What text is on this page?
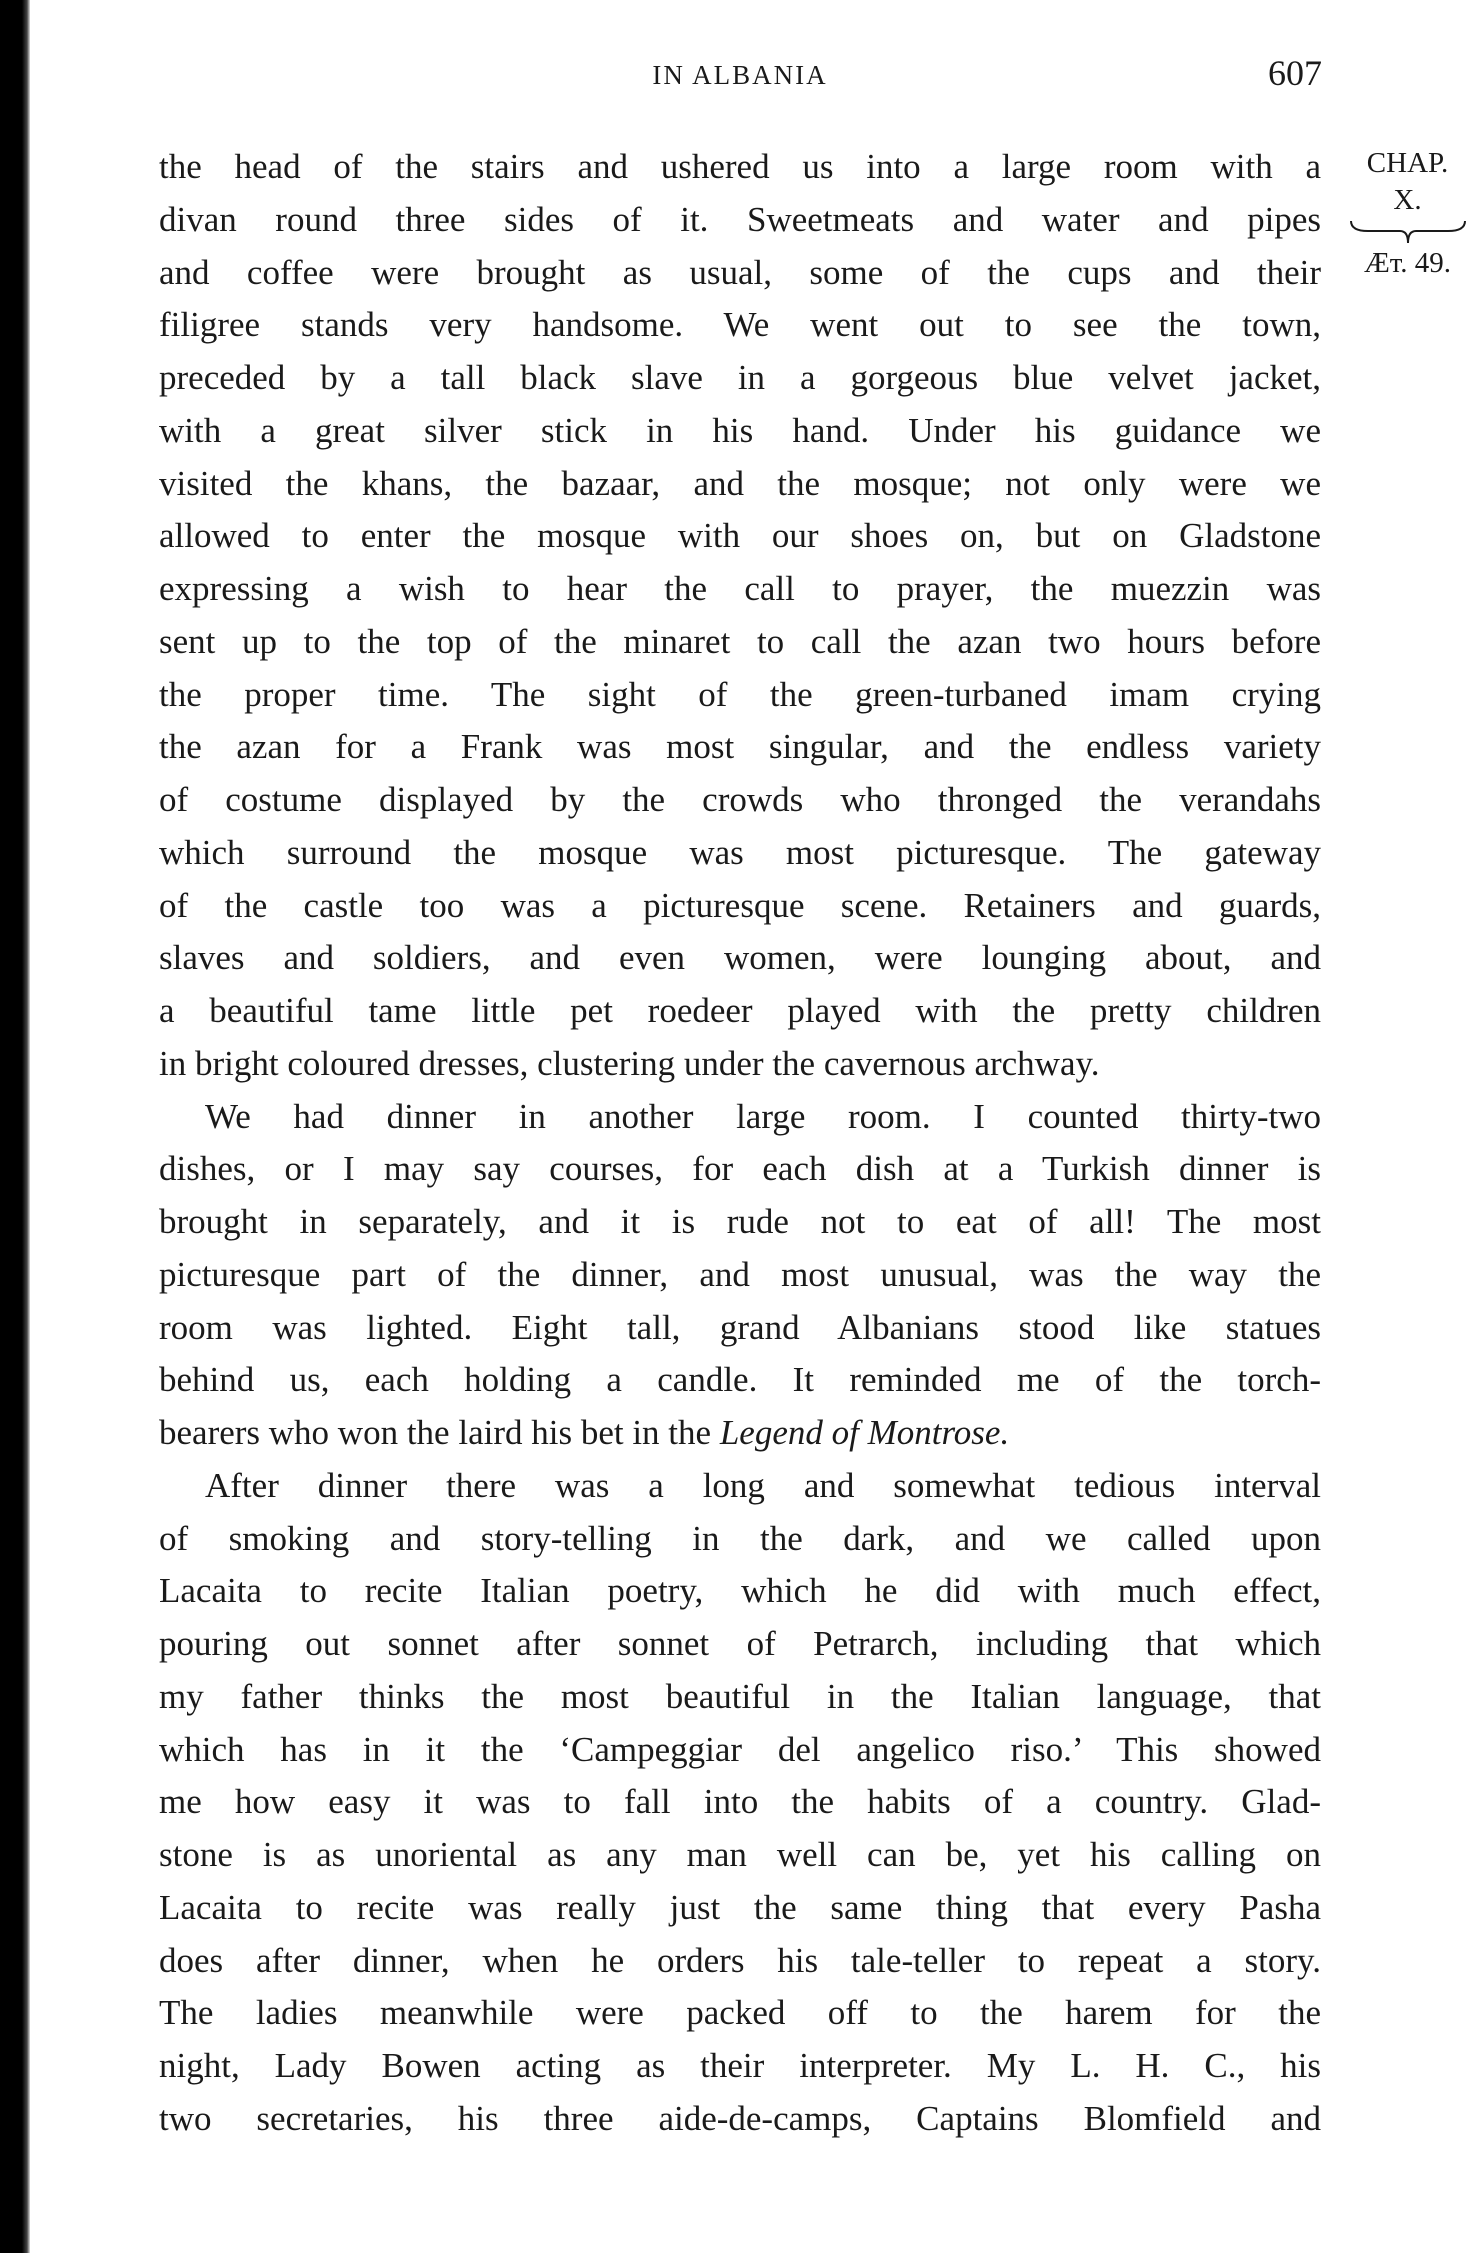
IN ALBANIA	607
CHAP.
X.
Æт. 49.
the head of the stairs and ushered us into a large room with a
divan round three sides of it. Sweetmeats and water and pipes
and coffee were brought as usual, some of the cups and their
filigree stands very handsome. We went out to see the town,
preceded by a tall black slave in a gorgeous blue velvet jacket,
with a great silver stick in his hand. Under his guidance we
visited the khans, the bazaar, and the mosque; not only were we
allowed to enter the mosque with our shoes on, but on Gladstone
expressing a wish to hear the call to prayer, the muezzin was
sent up to the top of the minaret to call the azan two hours before
the proper time. The sight of the green-turbaned imam crying
the azan for a Frank was most singular, and the endless variety
of costume displayed by the crowds who thronged the verandahs
which surround the mosque was most picturesque. The gateway
of the castle too was a picturesque scene. Retainers and guards,
slaves and soldiers, and even women, were lounging about, and
a beautiful tame little pet roedeer played with the pretty children
in bright coloured dresses, clustering under the cavernous archway.
We had dinner in another large room. I counted thirty-two
dishes, or I may say courses, for each dish at a Turkish dinner is
brought in separately, and it is rude not to eat of all! The most
picturesque part of the dinner, and most unusual, was the way the
room was lighted. Eight tall, grand Albanians stood like statues
behind us, each holding a candle. It reminded me of the torch-
bearers who won the laird his bet in the Legend of Montrose.
After dinner there was a long and somewhat tedious interval
of smoking and story-telling in the dark, and we called upon
Lacaita to recite Italian poetry, which he did with much effect,
pouring out sonnet after sonnet of Petrarch, including that which
my father thinks the most beautiful in the Italian language, that
which has in it the ‘Campeggiar del angelico riso.’ This showed
me how easy it was to fall into the habits of a country. Glad-
stone is as unoriental as any man well can be, yet his calling on
Lacaita to recite was really just the same thing that every Pasha
does after dinner, when he orders his tale-teller to repeat a story.
The ladies meanwhile were packed off to the harem for the
night, Lady Bowen acting as their interpreter. My L. H. C., his
two secretaries, his three aide-de-camps, Captains Blomfield and
